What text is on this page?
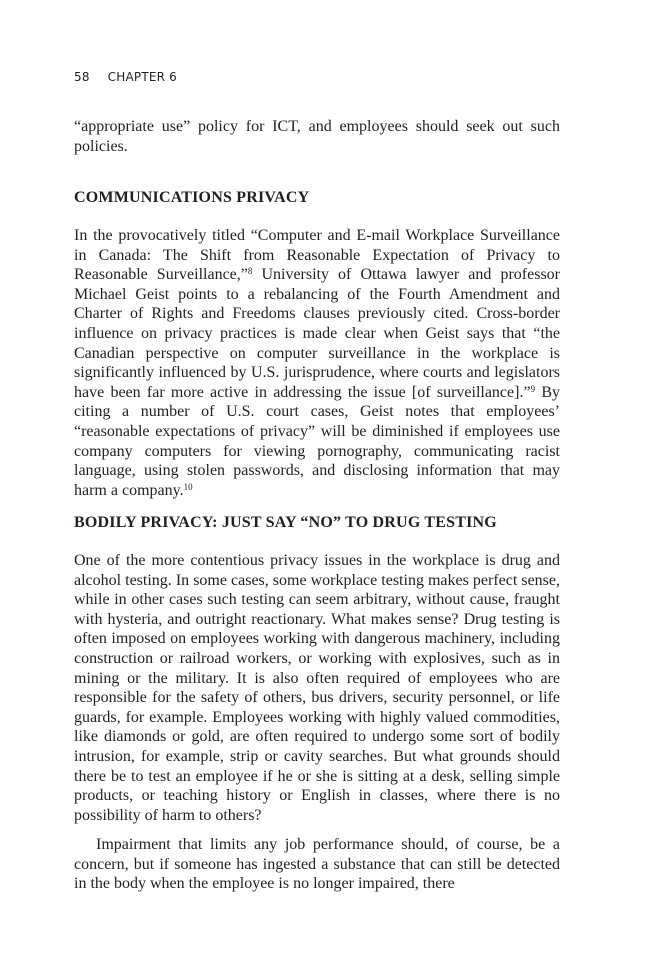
58 CHAPTER 6

“appropriate use” policy for ICT, and employees should seek out such policies.

COMMUNICATIONS PRIVACY

In the provocatively titled “Computer and E-mail Workplace Surveillance in Canada: The Shift from Reasonable Expectation of Privacy to Reasonable Surveillance,”$^8$ University of Ottawa lawyer and professor Michael Geist points to a rebalancing of the Fourth Amendment and Charter of Rights and Freedoms clauses previously cited. Cross-border influence on privacy practices is made clear when Geist says that “the Canadian perspective on computer surveillance in the workplace is significantly influenced by U.S. jurisprudence, where courts and legislators have been far more active in addressing the issue [of surveillance].”$^9$ By citing a number of U.S. court cases, Geist notes that employees’ “reasonable expectations of privacy” will be diminished if employees use company computers for viewing pornography, communicating racist language, using stolen passwords, and disclosing information that may harm a company.$^{10}$

BODILY PRIVACY: JUST SAY “NO” TO DRUG TESTING

One of the more contentious privacy issues in the workplace is drug and alcohol testing. In some cases, some workplace testing makes perfect sense, while in other cases such testing can seem arbitrary, without cause, fraught with hysteria, and outright reactionary. What makes sense? Drug testing is often imposed on employees working with dangerous machinery, including construction or railroad workers, or working with explosives, such as in mining or the military. It is also often required of employees who are responsible for the safety of others, bus drivers, security personnel, or life guards, for example. Employees working with highly valued commodities, like diamonds or gold, are often required to undergo some sort of bodily intrusion, for example, strip or cavity searches. But what grounds should there be to test an employee if he or she is sitting at a desk, selling simple products, or teaching history or English in classes, where there is no possibility of harm to others?

Impairment that limits any job performance should, of course, be a concern, but if someone has ingested a substance that can still be detected in the body when the employee is no longer impaired, there
